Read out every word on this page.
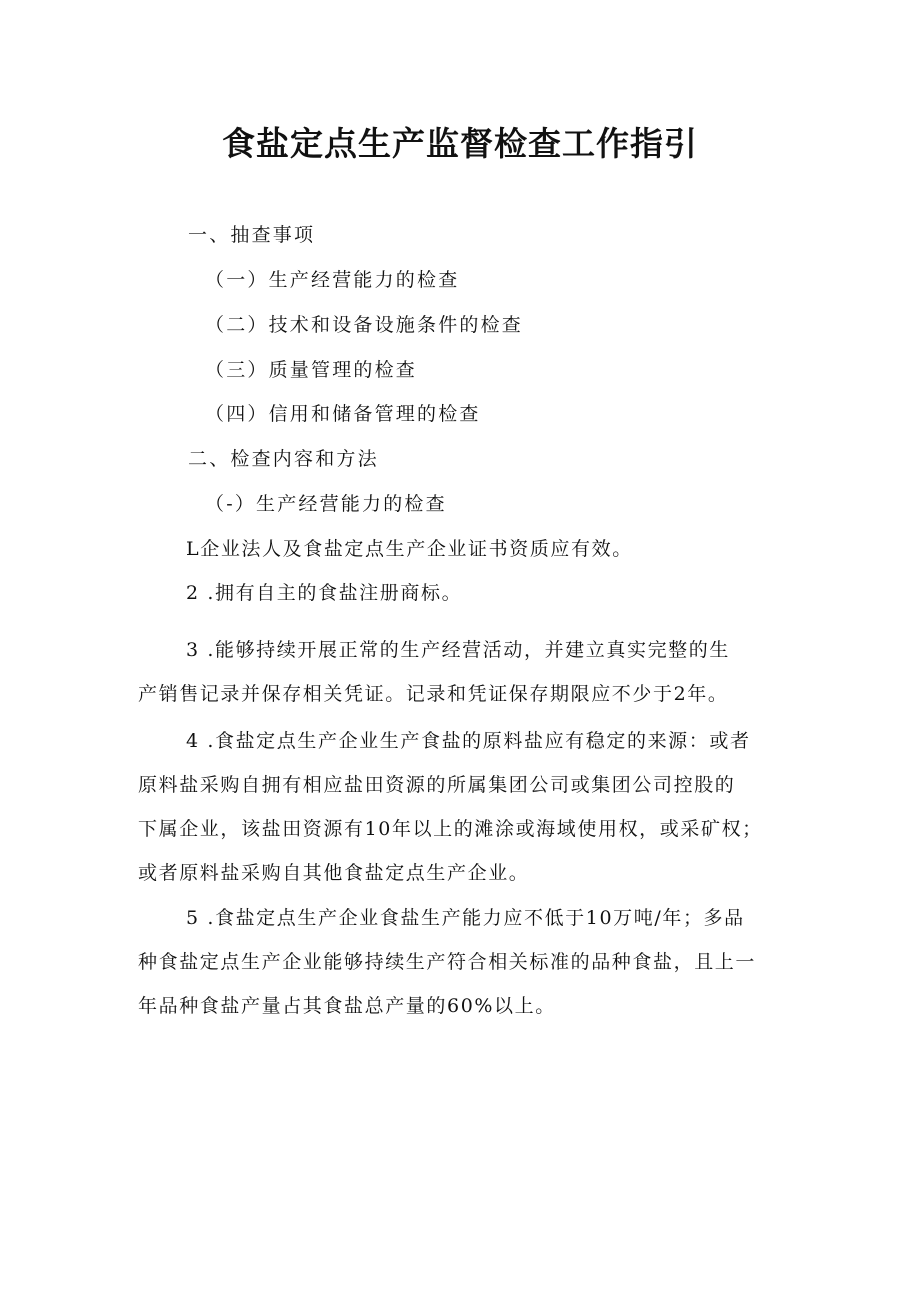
食盐定点生产监督检查工作指引

一、抽查事项

（一）生产经营能力的检查

（二）技术和设备设施条件的检查

（三）质量管理的检查

（四）信用和储备管理的检查

二、检查内容和方法

（-）生产经营能力的检查

L企业法人及食盐定点生产企业证书资质应有效。

2 .拥有自主的食盐注册商标。

3 .能够持续开展正常的生产经营活动，并建立真实完整的生

产销售记录并保存相关凭证。记录和凭证保存期限应不少于2年。

4 .食盐定点生产企业生产食盐的原料盐应有稳定的来源：或者

原料盐采购自拥有相应盐田资源的所属集团公司或集团公司控股的

下属企业，该盐田资源有10年以上的滩涂或海域使用权，或采矿权；

或者原料盐采购自其他食盐定点生产企业。

5 .食盐定点生产企业食盐生产能力应不低于10万吨/年；多品

种食盐定点生产企业能够持续生产符合相关标准的品种食盐，且上一

年品种食盐产量占其食盐总产量的60%以上。
